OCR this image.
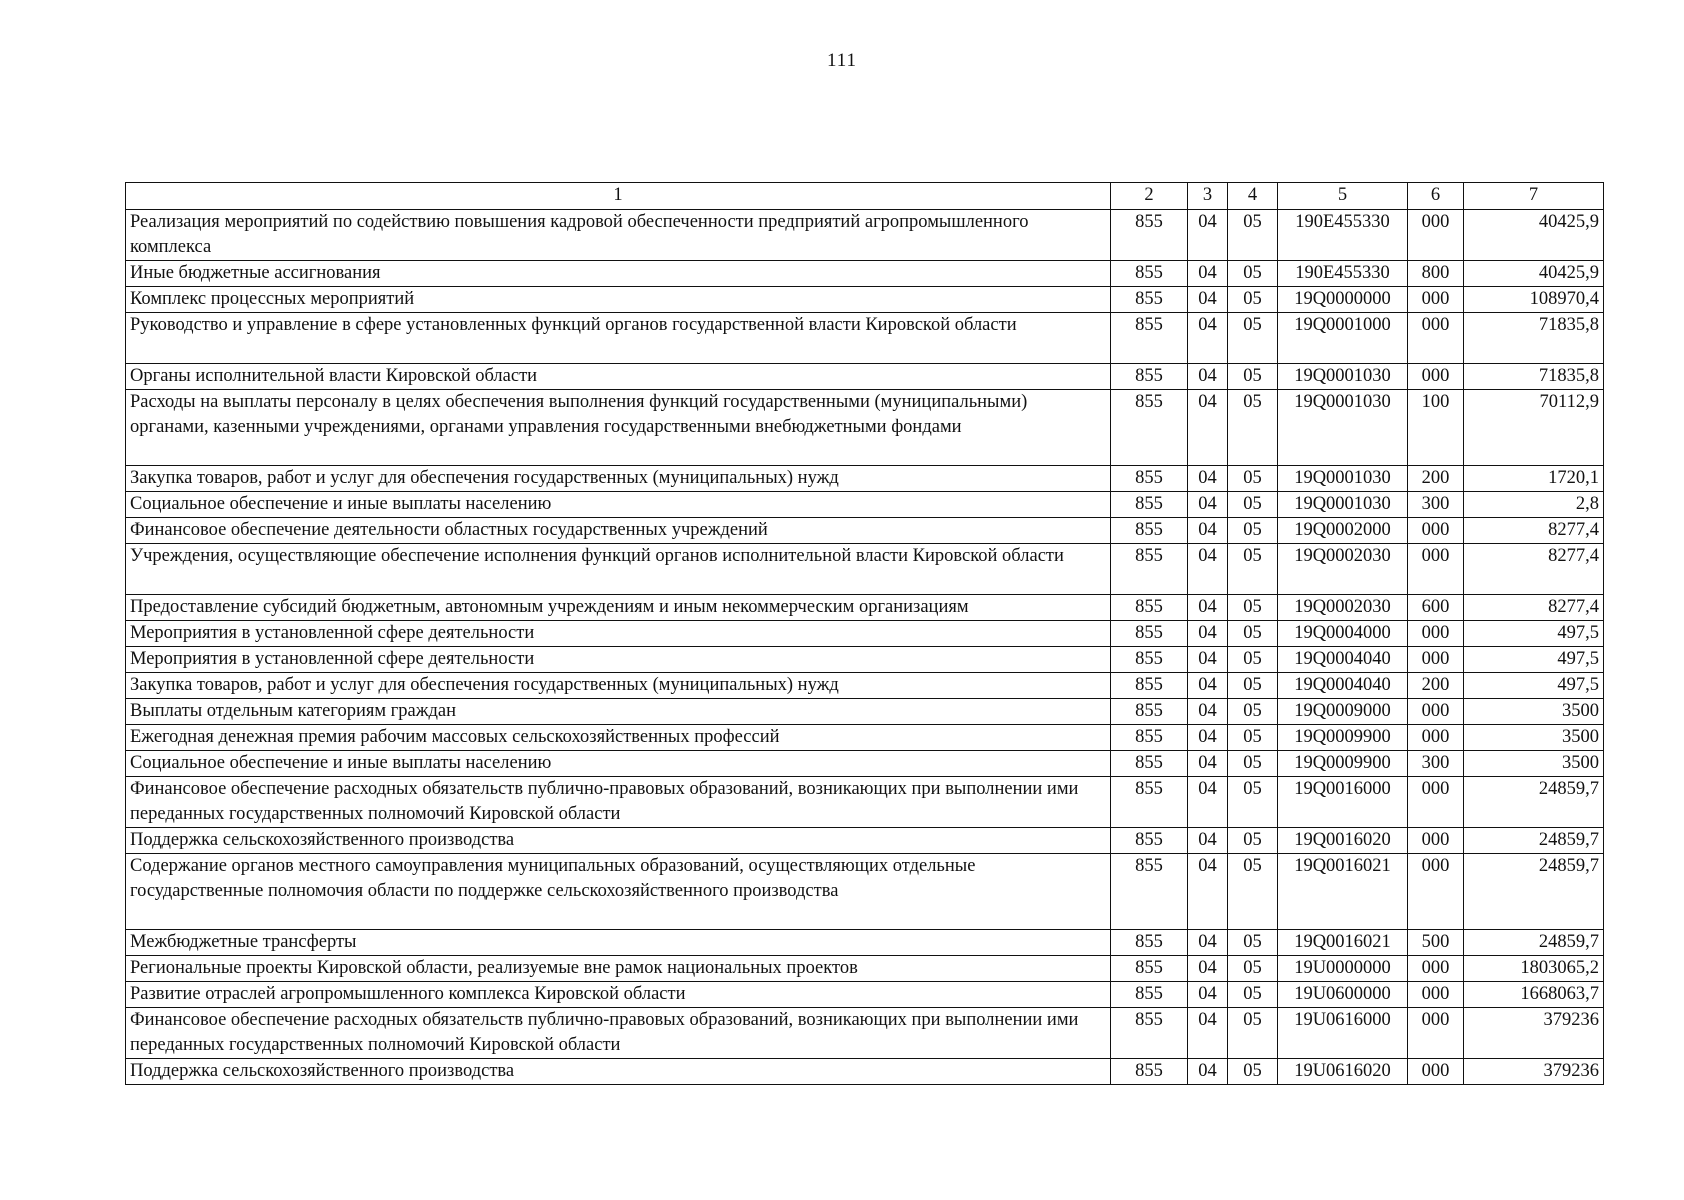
111
1	2	3	4	5	6	7
Реализация мероприятий по содействию повышения кадровой обеспеченности предприятий агропромышленного комплекса	855	04	05	190E455330	000	40425,9
Иные бюджетные ассигнования	855	04	05	190E455330	800	40425,9
Комплекс процессных мероприятий	855	04	05	19Q0000000	000	108970,4
Руководство и управление в сфере установленных функций органов государственной власти Кировской области	855	04	05	19Q0001000	000	71835,8
Органы исполнительной власти Кировской области	855	04	05	19Q0001030	000	71835,8
Расходы на выплаты персоналу в целях обеспечения выполнения функций государственными (муниципальными) органами, казенными учреждениями, органами управления государственными внебюджетными фондами	855	04	05	19Q0001030	100	70112,9
Закупка товаров, работ и услуг для обеспечения государственных (муниципальных) нужд	855	04	05	19Q0001030	200	1720,1
Социальное обеспечение и иные выплаты населению	855	04	05	19Q0001030	300	2,8
Финансовое обеспечение деятельности областных государственных учреждений	855	04	05	19Q0002000	000	8277,4
Учреждения, осуществляющие обеспечение исполнения функций органов исполнительной власти Кировской области	855	04	05	19Q0002030	000	8277,4
Предоставление субсидий бюджетным, автономным учреждениям и иным некоммерческим организациям	855	04	05	19Q0002030	600	8277,4
Мероприятия в установленной сфере деятельности	855	04	05	19Q0004000	000	497,5
Мероприятия в установленной сфере деятельности	855	04	05	19Q0004040	000	497,5
Закупка товаров, работ и услуг для обеспечения государственных (муниципальных) нужд	855	04	05	19Q0004040	200	497,5
Выплаты отдельным категориям граждан	855	04	05	19Q0009000	000	3500
Ежегодная денежная премия рабочим массовых сельскохозяйственных профессий	855	04	05	19Q0009900	000	3500
Социальное обеспечение и иные выплаты населению	855	04	05	19Q0009900	300	3500
Финансовое обеспечение расходных обязательств публично-правовых образований, возникающих при выполнении ими переданных государственных полномочий Кировской области	855	04	05	19Q0016000	000	24859,7
Поддержка сельскохозяйственного производства	855	04	05	19Q0016020	000	24859,7
Содержание органов местного самоуправления муниципальных образований, осуществляющих отдельные государственные полномочия области по поддержке сельскохозяйственного производства	855	04	05	19Q0016021	000	24859,7
Межбюджетные трансферты	855	04	05	19Q0016021	500	24859,7
Региональные проекты Кировской области, реализуемые вне рамок национальных проектов	855	04	05	19U0000000	000	1803065,2
Развитие отраслей агропромышленного комплекса Кировской области	855	04	05	19U0600000	000	1668063,7
Финансовое обеспечение расходных обязательств публично-правовых образований, возникающих при выполнении ими переданных государственных полномочий Кировской области	855	04	05	19U0616000	000	379236
Поддержка сельскохозяйственного производства	855	04	05	19U0616020	000	379236
